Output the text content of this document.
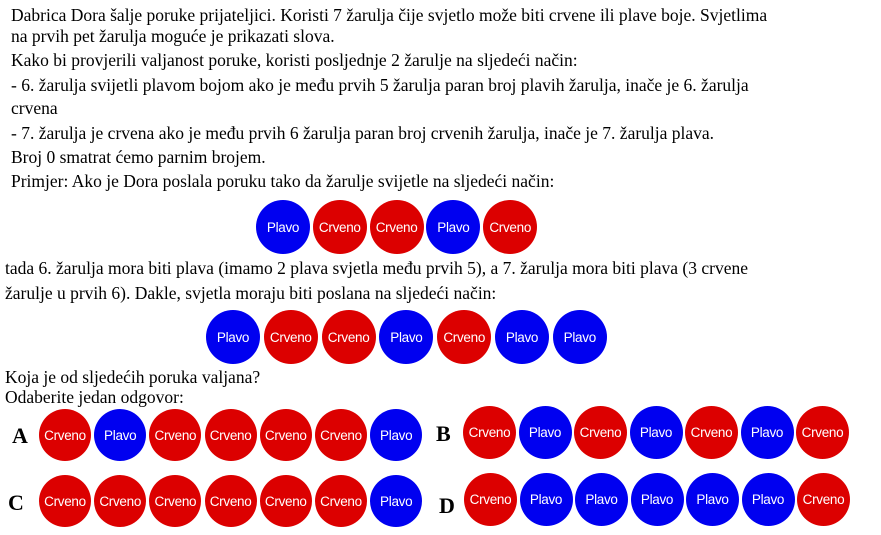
Dabrica Dora šalje poruke prijateljici. Koristi 7 žarulja čije svjetlo može biti crvene ili plave boje. Svjetlima
na prvih pet žarulja moguće je prikazati slova.
Kako bi provjerili valjanost poruke, koristi posljednje 2 žarulje na sljedeći način:
- 6. žarulja svijetli plavom bojom ako je među prvih 5 žarulja paran broj plavih žarulja, inače je 6. žarulja
crvena
- 7. žarulja je crvena ako je među prvih 6 žarulja paran broj crvenih žarulja, inače je 7. žarulja plava.
Broj 0 smatrat ćemo parnim brojem.
Primjer: Ako je Dora poslala poruku tako da žarulje svijetle na sljedeći način:
Plavo	Crveno	Crveno	Plavo	Crveno
tada 6. žarulja mora biti plava (imamo 2 plava svjetla među prvih 5), a 7. žarulja mora biti plava (3 crvene
žarulje u prvih 6). Dakle, svjetla moraju biti poslana na sljedeći način:
Plavo	Crveno	Crveno	Plavo	Crveno	Plavo	Plavo
Koja je od sljedećih poruka valjana?
Odaberite jedan odgovor:
A	Crveno	Plavo	Crveno Crveno Crveno Crveno	Plavo	B	Crveno	Plavo	Crveno	Plavo	Crveno	Plavo	Crveno
C	Crveno Crveno Crveno Crveno Crveno Crveno	Plavo	D	Crveno	Plavo	Plavo	Plavo	Plavo	Plavo	Crveno
